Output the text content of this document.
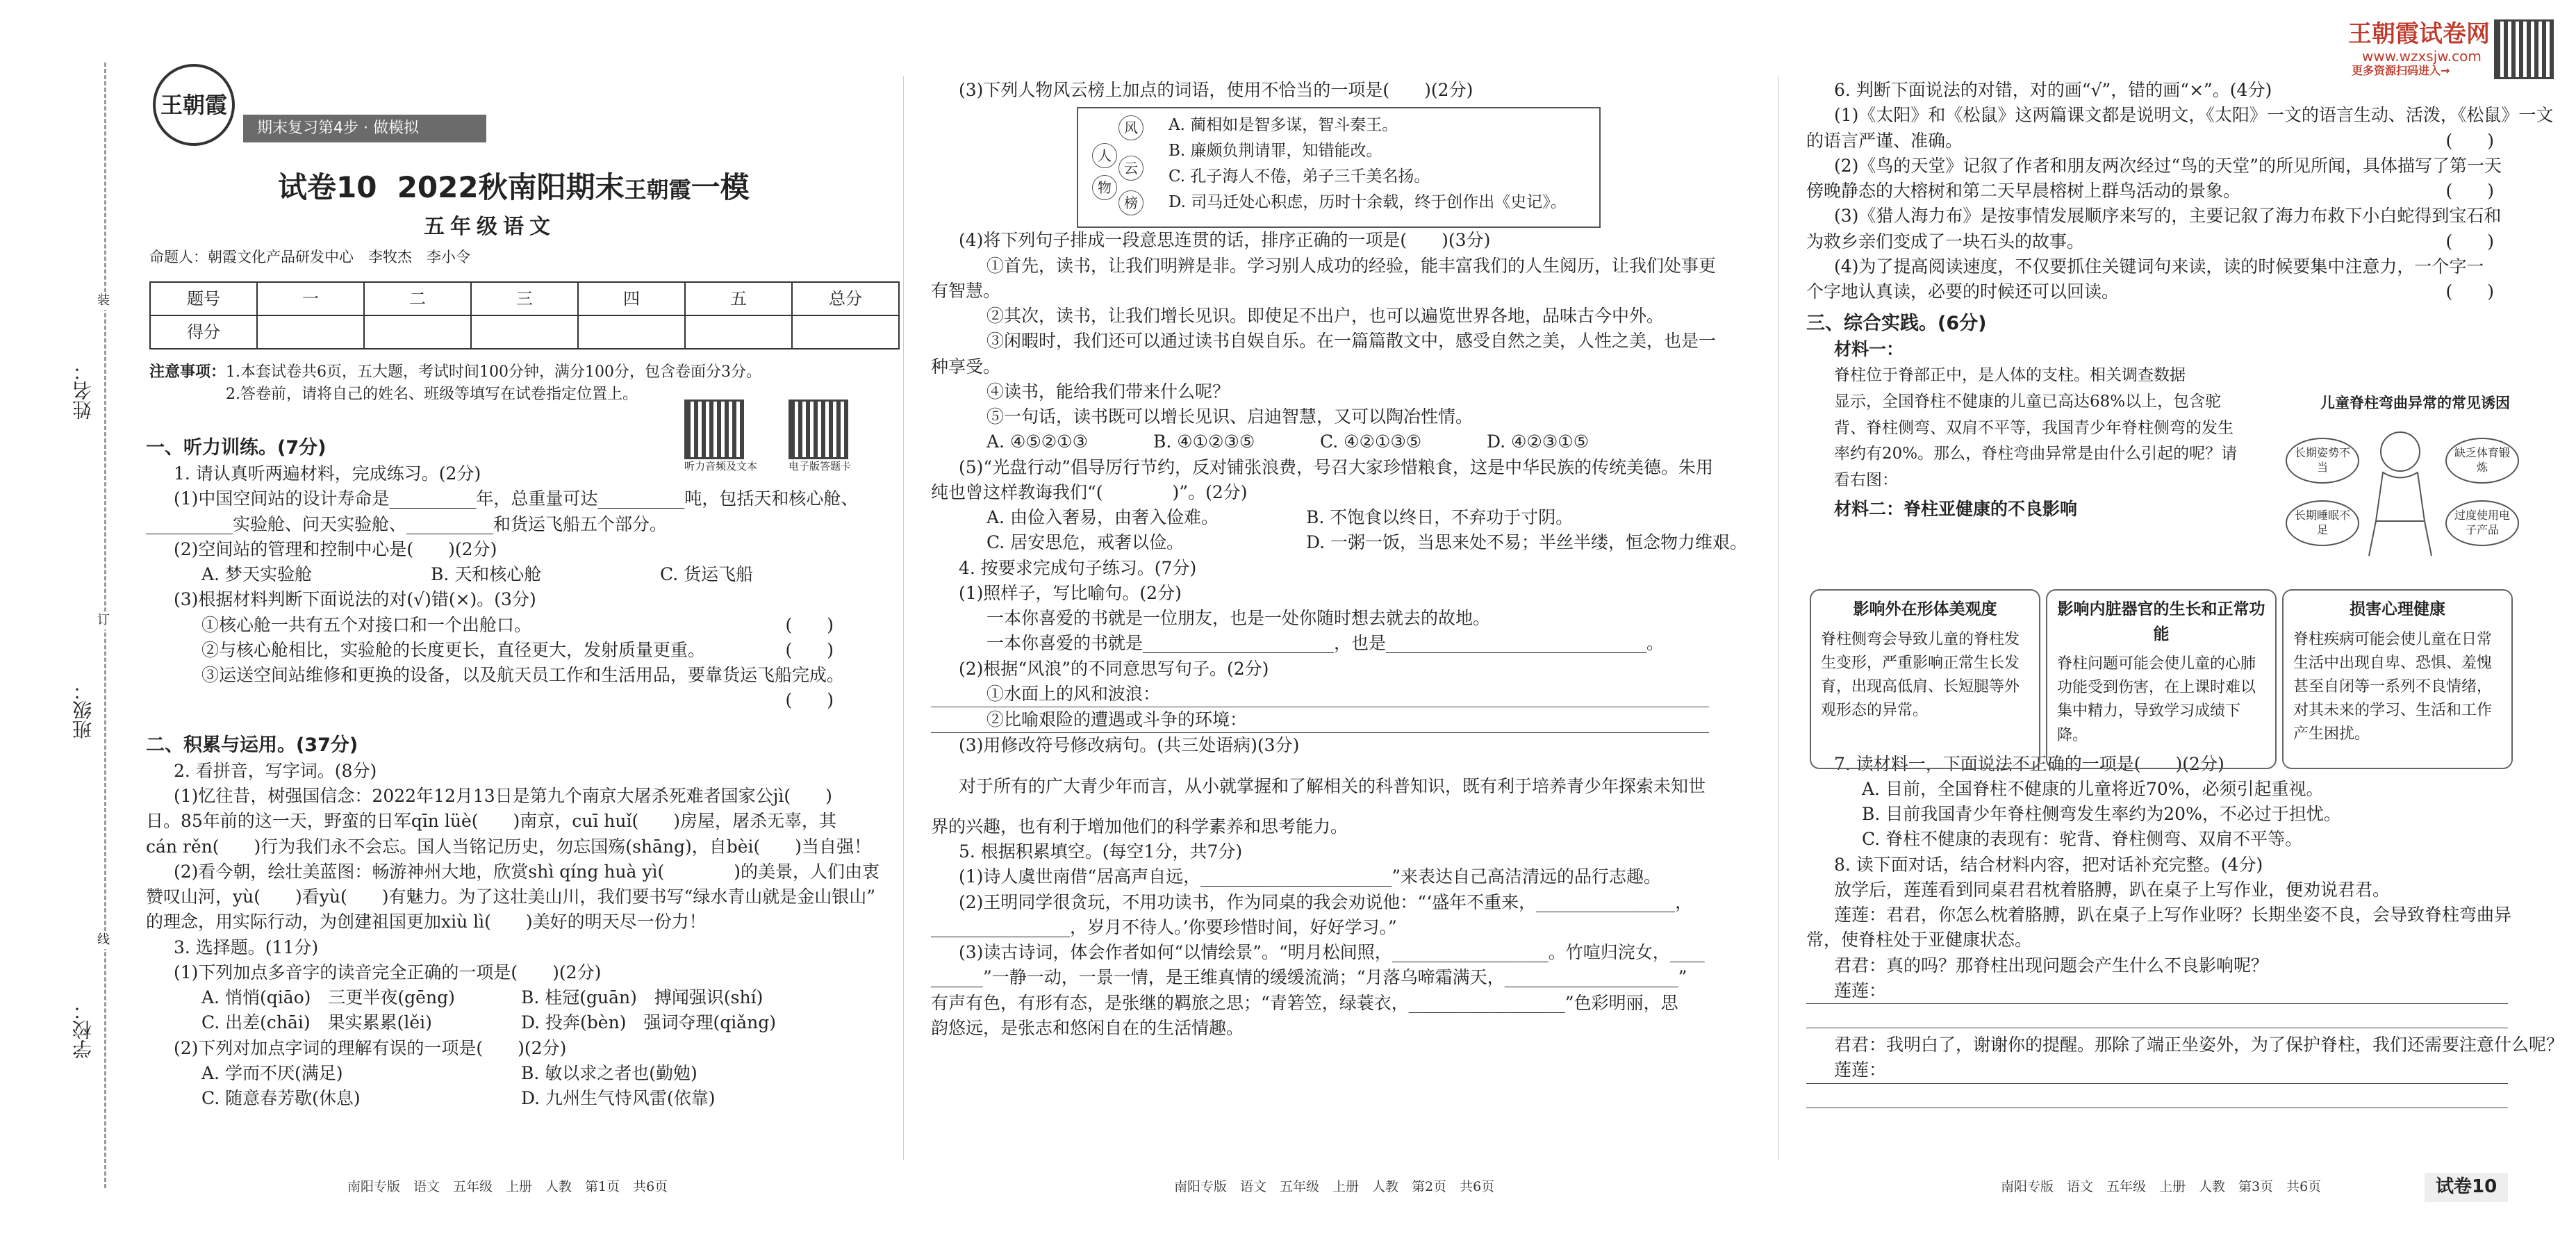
姓名：
班级：
学校：
装
订
线
王朝霞
期末复习第4步 · 做模拟
试卷10 2022秋南阳期末王朝霞一模
五年级语文
命题人：朝霞文化产品研发中心　李牧杰　李小令
王朝霞试卷网
www.wzxsjw.com
更多资源扫码进入→
题号	一	二	三	四	五	总分
得分						
注意事项：1.本套试卷共6页，五大题，考试时间100分钟，满分100分，包含卷面分3分。
2.答卷前，请将自己的姓名、班级等填写在试卷指定位置上。
听力音频及文本	电子版答题卡
一、听力训练。(7分)
1. 请认真听两遍材料，完成练习。(2分)
(1)中国空间站的设计寿命是__________年，总重量可达__________吨，包括天和核心舱、
__________实验舱、问天实验舱、__________和货运飞船五个部分。
(2)空间站的管理和控制中心是(　　)(2分)
A. 梦天实验舱	B. 天和核心舱	C. 货运飞船
(3)根据材料判断下面说法的对(√)错(×)。(3分)
①核心舱一共有五个对接口和一个出舱口。	(　　)
②与核心舱相比，实验舱的长度更长，直径更大，发射质量更重。	(　　)
③运送空间站维修和更换的设备，以及航天员工作和生活用品，要靠货运飞船完成。
(　　)

二、积累与运用。(37分)
2. 看拼音，写字词。(8分)
(1)忆往昔，树强国信念：2022年12月13日是第九个南京大屠杀死难者国家公jì(　　)
日。85年前的这一天，野蛮的日军qīn lüè(　　)南京，cuī huǐ(　　)房屋，屠杀无辜，其
cán rěn(　　)行为我们永不会忘。国人当铭记历史，勿忘国殇(shāng)，自bèi(　　)当自强！
(2)看今朝，绘壮美蓝图：畅游神州大地，欣赏shì qíng huà yì(　　　　)的美景，人们由衷
赞叹山河，yù(　　)看yù(　　)有魅力。为了这壮美山川，我们要书写“绿水青山就是金山银山”
的理念，用实际行动，为创建祖国更加xiù lì(　　)美好的明天尽一份力！
3. 选择题。(11分)
(1)下列加点多音字的读音完全正确的一项是(　　)(2分)
A. 悄悄(qiāo)　三更半夜(gēng)	B. 桂冠(guān)　搏闻强识(shí)
C. 出差(chāi)　果实累累(lěi)	D. 投奔(bèn)　强词夺理(qiǎng)
(2)下列对加点字词的理解有误的一项是(　　)(2分)
A. 学而不厌(满足)	B. 敏以求之者也(勤勉)
C. 随意春芳歇(休息)	D. 九州生气恃风雷(依靠)
(3)下列人物风云榜上加点的词语，使用不恰当的一项是(　　)(2分)
风
人
云
物
榜
A. 蔺相如是智多谋，智斗秦王。
B. 廉颇负荆请罪，知错能改。
C. 孔子海人不倦，弟子三千美名扬。
D. 司马迁处心积虑，历时十余载，终于创作出《史记》。
(4)将下列句子排成一段意思连贯的话，排序正确的一项是(　　)(3分)
①首先，读书，让我们明辨是非。学习别人成功的经验，能丰富我们的人生阅历，让我们处事更
有智慧。
②其次，读书，让我们增长见识。即使足不出户，也可以遍览世界各地，品味古今中外。
③闲暇时，我们还可以通过读书自娱自乐。在一篇篇散文中，感受自然之美，人性之美，也是一
种享受。
④读书，能给我们带来什么呢？
⑤一句话，读书既可以增长见识、启迪智慧，又可以陶冶性情。
A. ④⑤②①③	B. ④①②③⑤	C. ④②①③⑤	D. ④②③①⑤
(5)“光盘行动”倡导厉行节约，反对铺张浪费，号召大家珍惜粮食，这是中华民族的传统美德。朱用
纯也曾这样教诲我们“(　　　　)”。(2分)
A. 由俭入奢易，由奢入俭难。	B. 不饱食以终日，不弃功于寸阴。
C. 居安思危，戒奢以俭。	D. 一粥一饭，当思来处不易；半丝半缕，恒念物力维艰。
4. 按要求完成句子练习。(7分)
(1)照样子，写比喻句。(2分)
一本你喜爱的书就是一位朋友，也是一处你随时想去就去的故地。
一本你喜爱的书就是______________________，也是______________________________。
(2)根据“风浪”的不同意思写句子。(2分)
①水面上的风和波浪：
②比喻艰险的遭遇或斗争的环境：
(3)用修改符号修改病句。(共三处语病)(3分)
对于所有的广大青少年而言，从小就掌握和了解相关的科普知识，既有利于培养青少年探索未知世
界的兴趣，也有利于增加他们的科学素养和思考能力。
5. 根据积累填空。(每空1分，共7分)
(1)诗人虞世南借“居高声自远，______________________”来表达自己高洁清远的品行志趣。
(2)王明同学很贪玩，不用功读书，作为同桌的我会劝说他：“‘盛年不重来，________________，
________________，岁月不待人。’你要珍惜时间，好好学习。”
(3)读古诗词，体会作者如何“以情绘景”。“明月松间照，__________________。竹喧归浣女，____
______”一静一动，一景一情，是王维真情的缓缓流淌；“月落乌啼霜满天，____________________”
有声有色，有形有态，是张继的羁旅之思；“青箬笠，绿蓑衣，__________________”色彩明丽，思
韵悠远，是张志和悠闲自在的生活情趣。
6. 判断下面说法的对错，对的画“√”，错的画“×”。(4分)
(1)《太阳》和《松鼠》这两篇课文都是说明文，《太阳》一文的语言生动、活泼，《松鼠》一文
的语言严谨、准确。	(　　)
(2)《鸟的天堂》记叙了作者和朋友两次经过“鸟的天堂”的所见所闻，具体描写了第一天
傍晚静态的大榕树和第二天早晨榕树上群鸟活动的景象。	(　　)
(3)《猎人海力布》是按事情发展顺序来写的，主要记叙了海力布救下小白蛇得到宝石和
为救乡亲们变成了一块石头的故事。	(　　)
(4)为了提高阅读速度，不仅要抓住关键词句来读，读的时候要集中注意力，一个字一
个字地认真读，必要的时候还可以回读。	(　　)
三、综合实践。(6分)
材料一：
脊柱位于脊部正中，是人体的支柱。相关调查数据
显示，全国脊柱不健康的儿童已高达68%以上，包含驼
背、脊柱侧弯、双肩不平等，我国青少年脊柱侧弯的发生
率约有20%。那么，脊柱弯曲异常是由什么引起的呢？请
看右图：
材料二：脊柱亚健康的不良影响
7. 读材料一，下面说法不正确的一项是(　　)(2分)
A. 目前，全国脊柱不健康的儿童将近70%，必须引起重视。
B. 目前我国青少年脊柱侧弯发生率约为20%，不必过于担忧。
C. 脊柱不健康的表现有：驼背、脊柱侧弯、双肩不平等。
8. 读下面对话，结合材料内容，把对话补充完整。(4分)
放学后，莲莲看到同桌君君枕着胳膊，趴在桌子上写作业，便劝说君君。
莲莲：君君，你怎么枕着胳膊，趴在桌子上写作业呀？长期坐姿不良，会导致脊柱弯曲异
常，使脊柱处于亚健康状态。
君君：真的吗？那脊柱出现问题会产生什么不良影响呢？
莲莲：
君君：我明白了，谢谢你的提醒。那除了端正坐姿外，为了保护脊柱，我们还需要注意什么呢？
莲莲：
儿童脊柱弯曲异常的常见诱因
长期姿势不当
缺乏体育锻炼
长期睡眠不足
过度使用电子产品
影响外在形体美观度
脊柱侧弯会导致儿童的脊柱发生变形，严重影响正常生长发育，出现高低肩、长短腿等外观形态的异常。
影响内脏器官的生长和正常功能
脊柱问题可能会使儿童的心肺功能受到伤害，在上课时难以集中精力，导致学习成绩下降。
损害心理健康
脊柱疾病可能会使儿童在日常生活中出现自卑、恐惧、羞愧甚至自闭等一系列不良情绪，对其未来的学习、生活和工作产生困扰。
南阳专版　语文　五年级　上册　人教　第1页　共6页	南阳专版　语文　五年级　上册　人教　第2页　共6页	南阳专版　语文　五年级　上册　人教　第3页　共6页	试卷10
